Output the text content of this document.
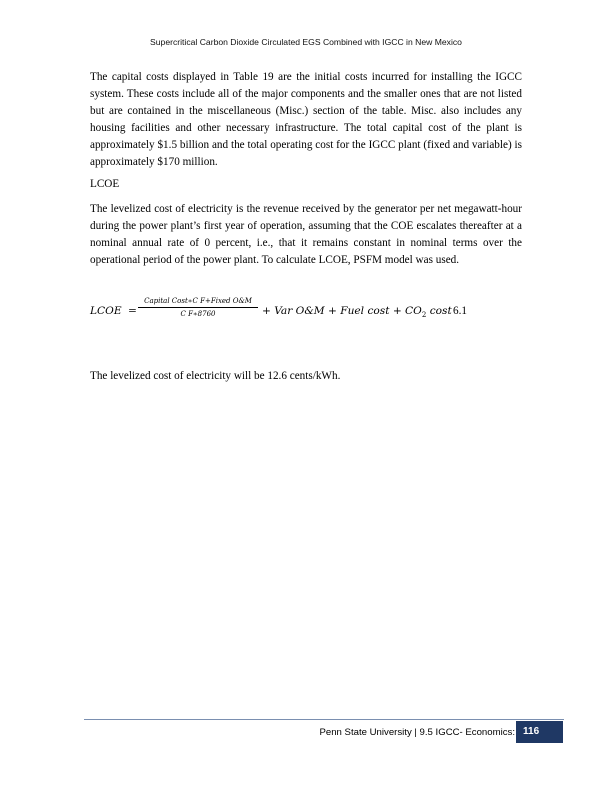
Supercritical Carbon Dioxide Circulated EGS Combined with IGCC in New Mexico

The capital costs displayed in Table 19 are the initial costs incurred for installing the IGCC system. These costs include all of the major components and the smaller ones that are not listed but are contained in the miscellaneous (Misc.) section of the table. Misc. also includes any housing facilities and other necessary infrastructure. The total capital cost of the plant is approximately $1.5 billion and the total operating cost for the IGCC plant (fixed and variable) is approximately $170 million.

LCOE

The levelized cost of electricity is the revenue received by the generator per net megawatt-hour during the power plant’s first year of operation, assuming that the COE escalates thereafter at a nominal annual rate of 0 percent, i.e., that it remains constant in nominal terms over the operational period of the power plant. To calculate LCOE, PSFM model was used.

LCOE =
Capital Cost∗C F+Fixed O&M
C F∗8760	+ Var O&M + Fuel $\cos t + CO_2$ cost 6.1

The levelized cost of electricity will be 12.6 cents/kWh.

Penn State University | 9.5 IGCC- Economics: 116
